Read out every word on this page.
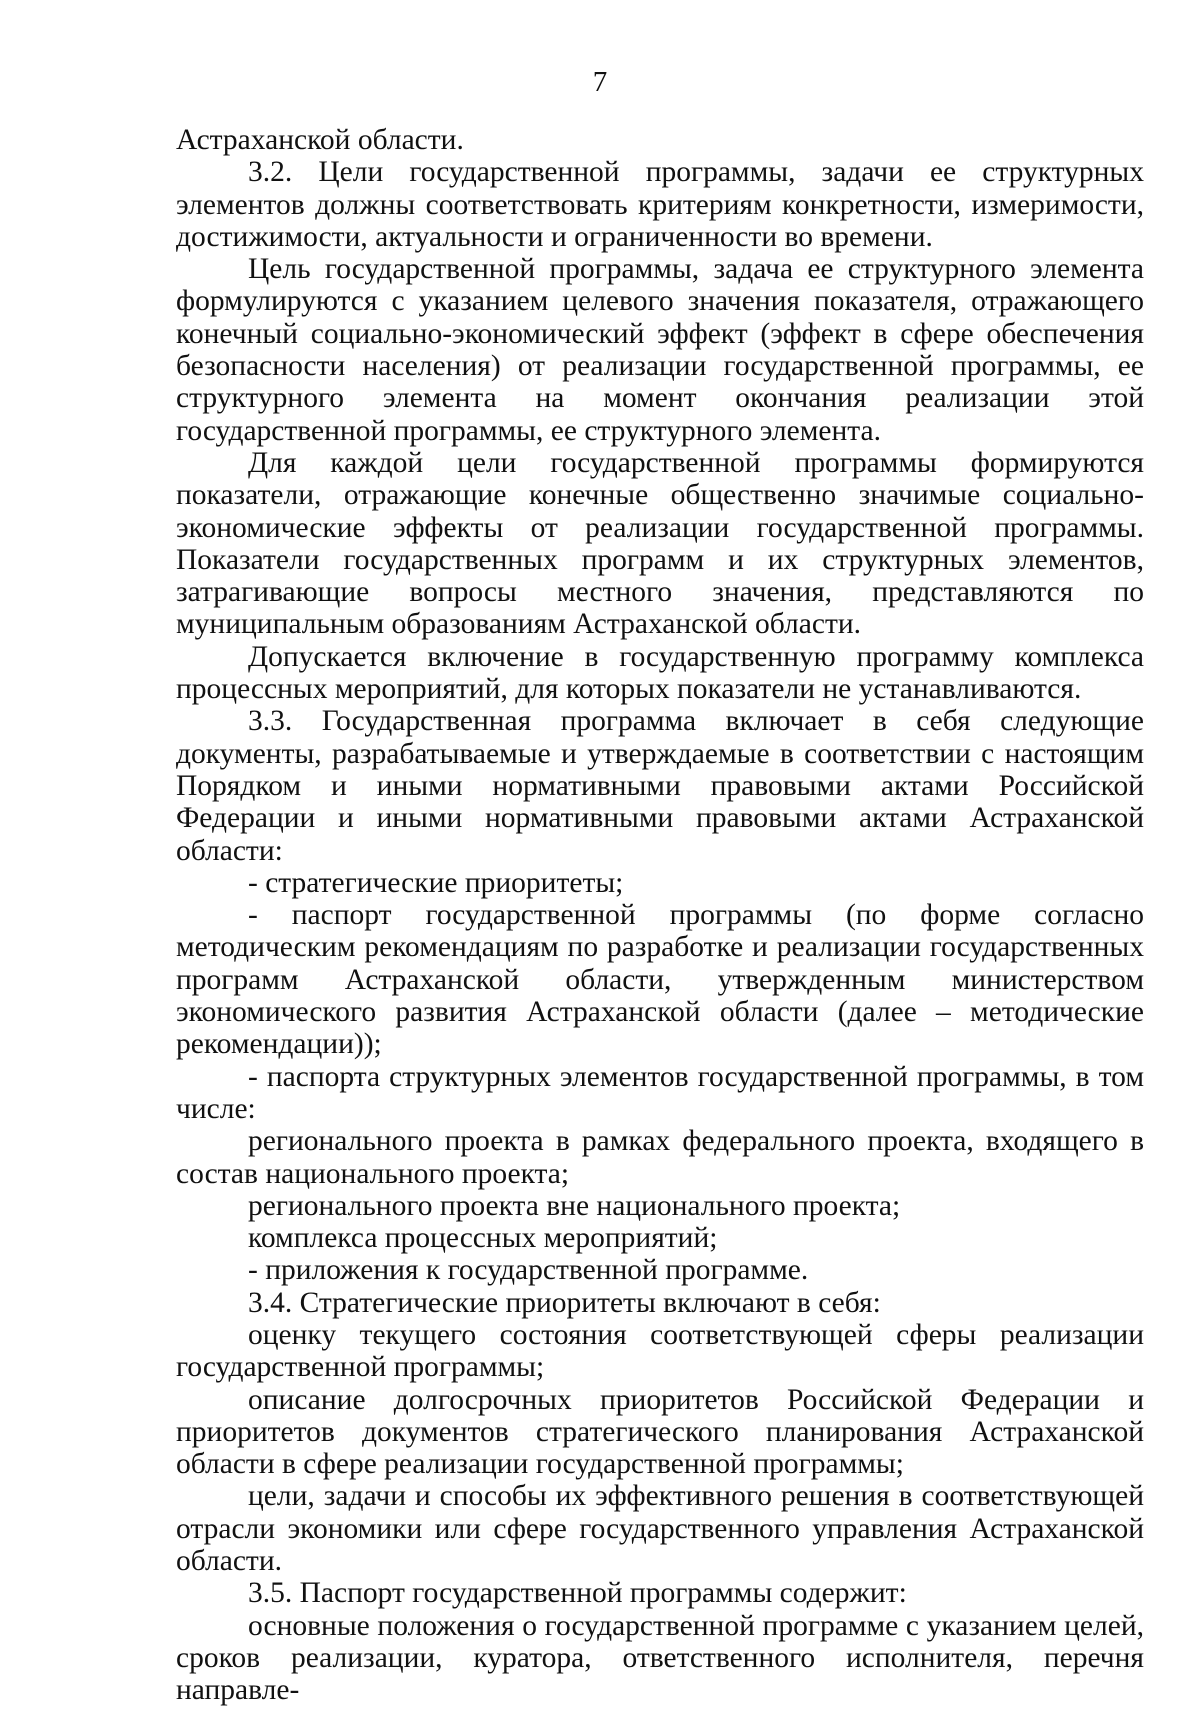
7

Астраханской области.

3.2. Цели государственной программы, задачи ее структурных элементов должны соответствовать критериям конкретности, измеримости, достижимости, актуальности и ограниченности во времени.

Цель государственной программы, задача ее структурного элемента формулируются с указанием целевого значения показателя, отражающего конечный социально-экономический эффект (эффект в сфере обеспечения безопасности населения) от реализации государственной программы, ее структурного элемента на момент окончания реализации этой государственной программы, ее структурного элемента.

Для каждой цели государственной программы формируются показатели, отражающие конечные общественно значимые социально-экономические эффекты от реализации государственной программы. Показатели государственных программ и их структурных элементов, затрагивающие вопросы местного значения, представляются по муниципальным образованиям Астраханской области.

Допускается включение в государственную программу комплекса процессных мероприятий, для которых показатели не устанавливаются.

3.3. Государственная программа включает в себя следующие документы, разрабатываемые и утверждаемые в соответствии с настоящим Порядком и иными нормативными правовыми актами Российской Федерации и иными нормативными правовыми актами Астраханской области:

- стратегические приоритеты;

- паспорт государственной программы (по форме согласно методическим рекомендациям по разработке и реализации государственных программ Астраханской области, утвержденным министерством экономического развития Астраханской области (далее – методические рекомендации));

- паспорта структурных элементов государственной программы, в том числе:

регионального проекта в рамках федерального проекта, входящего в состав национального проекта;

регионального проекта вне национального проекта;

комплекса процессных мероприятий;

- приложения к государственной программе.

3.4. Стратегические приоритеты включают в себя:

оценку текущего состояния соответствующей сферы реализации государственной программы;

описание долгосрочных приоритетов Российской Федерации и приоритетов документов стратегического планирования Астраханской области в сфере реализации государственной программы;

цели, задачи и способы их эффективного решения в соответствующей отрасли экономики или сфере государственного управления Астраханской области.

3.5. Паспорт государственной программы содержит:

основные положения о государственной программе с указанием целей, сроков реализации, куратора, ответственного исполнителя, перечня направле-
